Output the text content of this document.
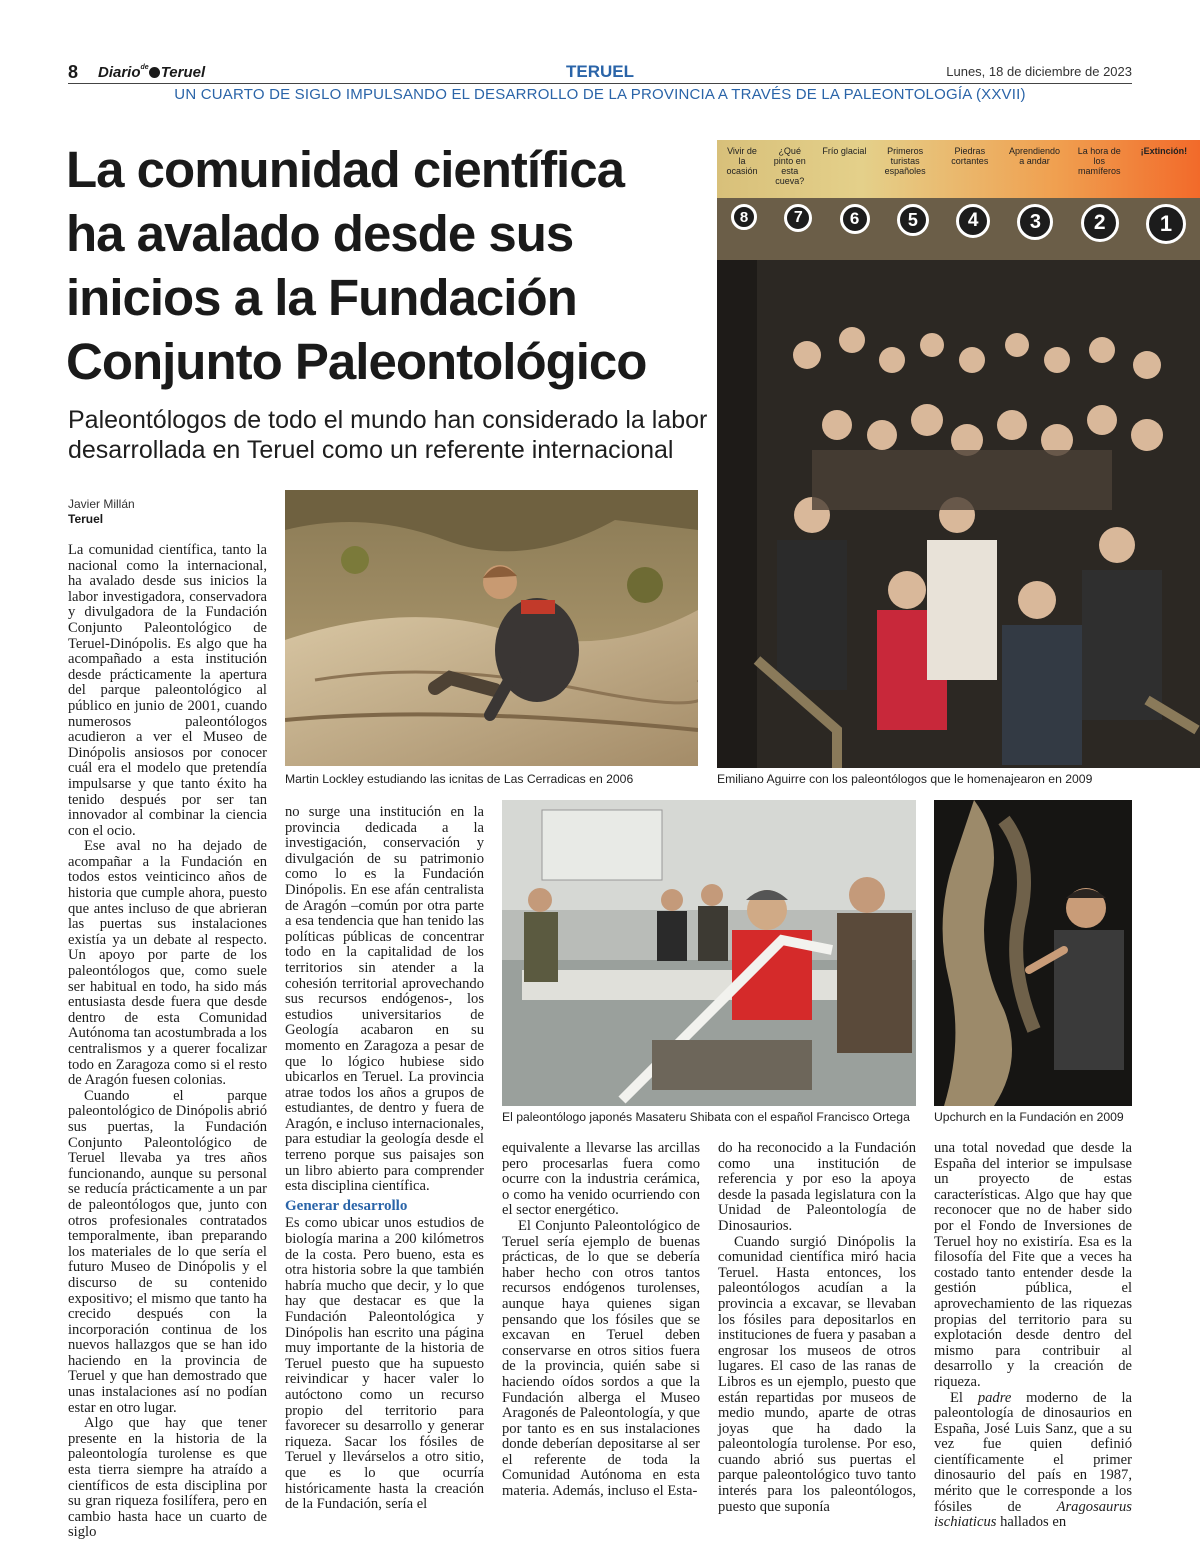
8 Diario$^{de}$ Teruel	TERUEL	Lunes, 18 de diciembre de 2023
UN CUARTO DE SIGLO IMPULSANDO EL DESARROLLO DE LA PROVINCIA A TRAVÉS DE LA PALEONTOLOGÍA (XXVII)
La comunidad científica ha avalado desde sus inicios a la Fundación Conjunto Paleontológico
Paleontólogos de todo el mundo han considerado la labor desarrollada en Teruel como un referente internacional
Javier Millán
Teruel
Martin Lockley estudiando las icnitas de Las Cerradicas en 2006
¡Extinción!
La hora de los mamíferos
Aprendiendo a andar
Piedras cortantes
Primeros turistas españoles
Frío glacial
¿Qué pinto en esta cueva?
Vivir de la ocasión
1
2
3
4
5
6
7
8
Emiliano Aguirre con los paleontólogos que le homenajearon en 2009
El paleontólogo japonés Masateru Shibata con el español Francisco Ortega Upchurch en la Fundación en 2009

La comunidad científica, tanto la nacional como la internacional, ha avalado desde sus inicios la labor investigadora, conservadora y divulgadora de la Fundación Conjunto Paleontológico de Teruel-Dinópolis. Es algo que ha acompañado a esta institución desde prácticamente la apertura del parque paleontológico al público en junio de 2001, cuando numerosos paleontólogos acudieron a ver el Museo de Dinópolis ansiosos por conocer cuál era el modelo que pretendía impulsarse y que tanto éxito ha tenido después por ser tan innovador al combinar la ciencia con el ocio.

Ese aval no ha dejado de acompañar a la Fundación en todos estos veinticinco años de historia que cumple ahora, puesto que antes incluso de que abrieran las puertas sus instalaciones existía ya un debate al respecto. Un apoyo por parte de los paleontólogos que, como suele ser habitual en todo, ha sido más entusiasta desde fuera que desde dentro de esta Comunidad Autónoma tan acostumbrada a los centralismos y a querer focalizar todo en Zaragoza como si el resto de Aragón fuesen colonias.

Cuando el parque paleontológico de Dinópolis abrió sus puertas, la Fundación Conjunto Paleontológico de Teruel llevaba ya tres años funcionando, aunque su personal se reducía prácticamente a un par de paleontólogos que, junto con otros profesionales contratados temporalmente, iban preparando los materiales de lo que sería el futuro Museo de Dinópolis y el discurso de su contenido expositivo; el mismo que tanto ha crecido después con la incorporación continua de los nuevos hallazgos que se han ido haciendo en la provincia de Teruel y que han demostrado que unas instalaciones así no podían estar en otro lugar.

Algo que hay que tener presente en la historia de la paleontología turolense es que esta tierra siempre ha atraído a científicos de esta disciplina por su gran riqueza fosilífera, pero en cambio hasta hace un cuarto de siglo

no surge una institución en la provincia dedicada a la investigación, conservación y divulgación de su patrimonio como lo es la Fundación Dinópolis. En ese afán centralista de Aragón –común por otra parte a esa tendencia que han tenido las políticas públicas de concentrar todo en la capitalidad de los territorios sin atender a la cohesión territorial aprovechando sus recursos endógenos-, los estudios universitarios de Geología acabaron en su momento en Zaragoza a pesar de que lo lógico hubiese sido ubicarlos en Teruel. La provincia atrae todos los años a grupos de estudiantes, de dentro y fuera de Aragón, e incluso internacionales, para estudiar la geología desde el terreno porque sus paisajes son un libro abierto para comprender esta disciplina científica.

Generar desarrollo

Es como ubicar unos estudios de biología marina a 200 kilómetros de la costa. Pero bueno, esta es otra historia sobre la que también habría mucho que decir, y lo que hay que destacar es que la Fundación Paleontológica y Dinópolis han escrito una página muy importante de la historia de Teruel puesto que ha supuesto reivindicar y hacer valer lo autóctono como un recurso propio del territorio para favorecer su desarrollo y generar riqueza. Sacar los fósiles de Teruel y llevárselos a otro sitio, que es lo que ocurría históricamente hasta la creación de la Fundación, sería el

equivalente a llevarse las arcillas pero procesarlas fuera como ocurre con la industria cerámica, o como ha venido ocurriendo con el sector energético.

El Conjunto Paleontológico de Teruel sería ejemplo de buenas prácticas, de lo que se debería haber hecho con otros tantos recursos endógenos turolenses, aunque haya quienes sigan pensando que los fósiles que se excavan en Teruel deben conservarse en otros sitios fuera de la provincia, quién sabe si haciendo oídos sordos a que la Fundación alberga el Museo Aragonés de Paleontología, y que por tanto es en sus instalaciones donde deberían depositarse al ser el referente de toda la Comunidad Autónoma en esta materia. Además, incluso el Esta-

do ha reconocido a la Fundación como una institución de referencia y por eso la apoya desde la pasada legislatura con la Unidad de Paleontología de Dinosaurios.

Cuando surgió Dinópolis la comunidad científica miró hacia Teruel. Hasta entonces, los paleontólogos acudían a la provincia a excavar, se llevaban los fósiles para depositarlos en instituciones de fuera y pasaban a engrosar los museos de otros lugares. El caso de las ranas de Libros es un ejemplo, puesto que están repartidas por museos de medio mundo, aparte de otras joyas que ha dado la paleontología turolense. Por eso, cuando abrió sus puertas el parque paleontológico tuvo tanto interés para los paleontólogos, puesto que suponía

una total novedad que desde la España del interior se impulsase un proyecto de estas características. Algo que hay que reconocer que no de haber sido por el Fondo de Inversiones de Teruel hoy no existiría. Esa es la filosofía del Fite que a veces ha costado tanto entender desde la gestión pública, el aprovechamiento de las riquezas propias del territorio para su explotación desde dentro del mismo para contribuir al desarrollo y la creación de riqueza.

El padre moderno de la paleontología de dinosaurios en España, José Luis Sanz, que a su vez fue quien definió científicamente el primer dinosaurio del país en 1987, mérito que le corresponde a los fósiles de Aragosaurus ischiaticus hallados en
